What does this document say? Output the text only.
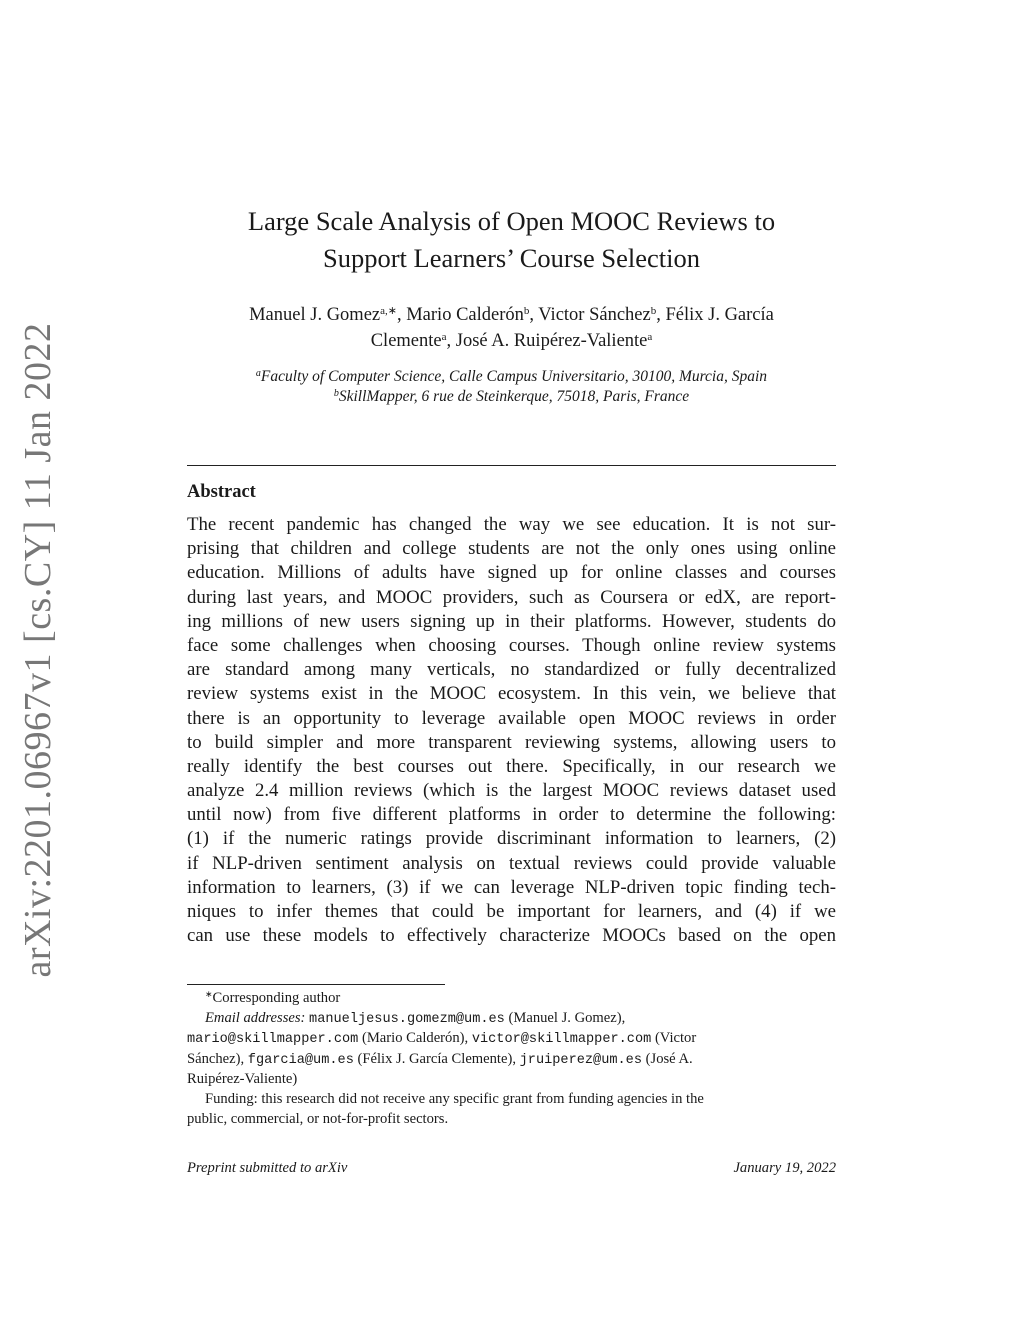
arXiv:2201.06967v1 [cs.CY] 11 Jan 2022
Large Scale Analysis of Open MOOC Reviews to
Support Learners’ Course Selection
Manuel J. Gomez$^{a,∗}$, Mario Calderón$^b$, Victor Sánchez$^b$, Félix J. García
Clemente$^a$, José A. Ruipérez-Valiente$^a$
$^a$Faculty of Computer Science, Calle Campus Universitario, 30100, Murcia, Spain
$^b$SkillMapper, 6 rue de Steinkerque, 75018, Paris, France
Abstract
The recent pandemic has changed the way we see education. It is not sur-
prising that children and college students are not the only ones using online
education. Millions of adults have signed up for online classes and courses
during last years, and MOOC providers, such as Coursera or edX, are report-
ing millions of new users signing up in their platforms. However, students do
face some challenges when choosing courses. Though online review systems
are standard among many verticals, no standardized or fully decentralized
review systems exist in the MOOC ecosystem. In this vein, we believe that
there is an opportunity to leverage available open MOOC reviews in order
to build simpler and more transparent reviewing systems, allowing users to
really identify the best courses out there. Specifically, in our research we
analyze 2.4 million reviews (which is the largest MOOC reviews dataset used
until now) from five different platforms in order to determine the following:
(1) if the numeric ratings provide discriminant information to learners, (2)
if NLP-driven sentiment analysis on textual reviews could provide valuable
information to learners, (3) if we can leverage NLP-driven topic finding tech-
niques to infer themes that could be important for learners, and (4) if we
can use these models to effectively characterize MOOCs based on the open
∗Corresponding author
Email addresses: manueljesus.gomezm@um.es (Manuel J. Gomez),
mario@skillmapper.com (Mario Calderón), victor@skillmapper.com (Victor
Sánchez), fgarcia@um.es (Félix J. García Clemente), jruiperez@um.es (José A.
Ruipérez-Valiente)
Funding: this research did not receive any specific grant from funding agencies in the
public, commercial, or not-for-profit sectors.
Preprint submitted to arXiv	January 19, 2022
